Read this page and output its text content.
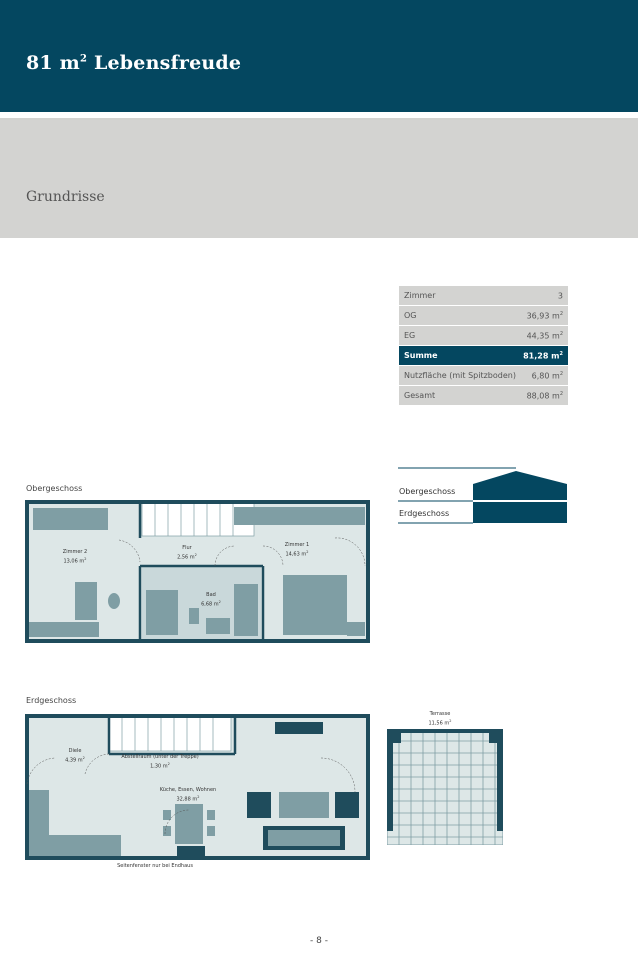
81 $m^2$ Lebensfreude
Grundrisse
Zimmer	3
OG	36,93 $m^2$
EG	44,35 $m^2$
Summe	81,28 $m^2$
Nutzfläche (mit Spitzboden) 6,80 $m^2$
Gesamt	88,08 $m^2$
Obergeschoss
Erdgeschoss
Obergeschoss
Zimmer 2
13,06 $m^2$
Flur
2,56 $m^2$
Bad
6,68 $m^2$
Zimmer 1
14,63 $m^2$
Erdgeschoss
Diele
4,39 $m^2$	Abstellraum (unter der Treppe)
1,30 $m^2$
Küche, Essen, Wohnen
32,88 $m^2$
Seitenfenster nur bei Endhaus
Terrasse
11,56 $m^2$
- 8 -
